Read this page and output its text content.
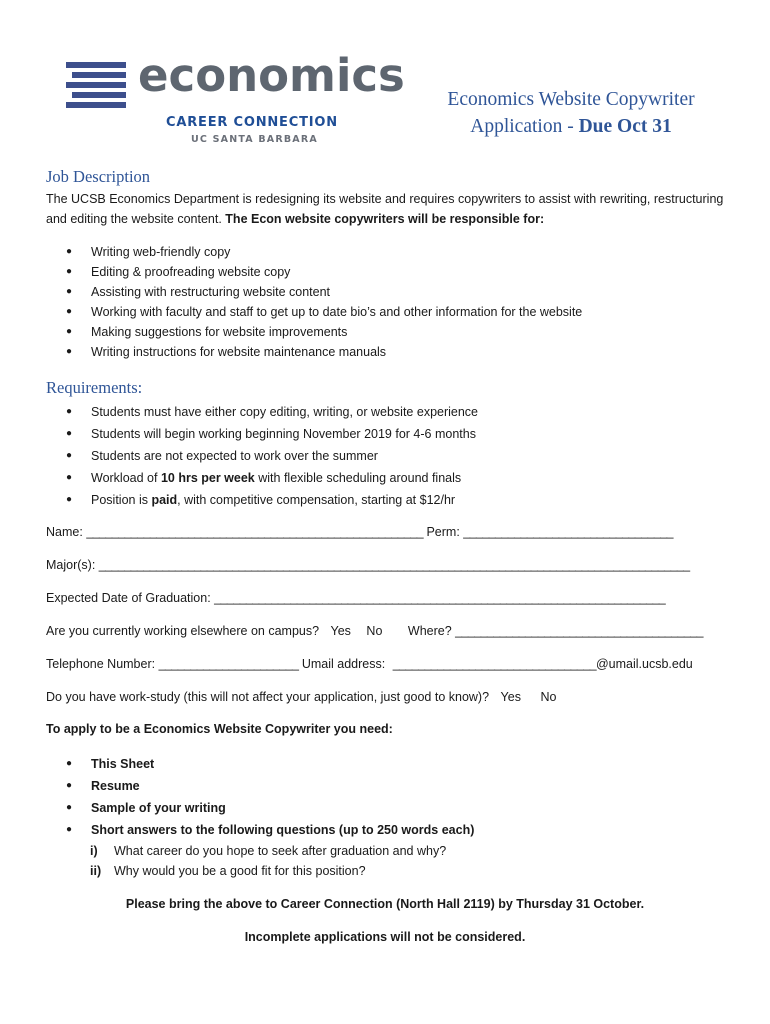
economics
CAREER CONNECTION
UC SANTA BARBARA
Economics Website Copywriter
Application - Due Oct 31
Job Description
The UCSB Economics Department is redesigning its website and requires copywriters to assist with rewriting, restructuring and editing the website content. The Econ website copywriters will be responsible for:
● Writing web-friendly copy
● Editing & proofreading website copy
● Assisting with restructuring website content
● Working with faculty and staff to get up to date bio’s and other information for the website
● Making suggestions for website improvements
● Writing instructions for website maintenance manuals
Requirements:
● Students must have either copy editing, writing, or website experience
● Students will begin working beginning November 2019 for 4-6 months
● Students are not expected to work over the summer
● Workload of 10 hrs per week with flexible scheduling around finals
● Position is paid, with competitive compensation, starting at $12/hr
Name: _____________________________________________________ Perm: _________________________________
Major(s): _____________________________________________________________________________________________
Expected Date of Graduation: _______________________________________________________________________
Are you currently working elsewhere on campus? Yes No Where? _______________________________________
Telephone Number: ______________________ Umail address: ________________________________@umail.ucsb.edu
Do you have work-study (this will not affect your application, just good to know)? Yes No
To apply to be a Economics Website Copywriter you need:
● This Sheet
● Resume
● Sample of your writing
● Short answers to the following questions (up to 250 words each)
i) What career do you hope to seek after graduation and why?
ii) Why would you be a good fit for this position?
Please bring the above to Career Connection (North Hall 2119) by Thursday 31 October.
Incomplete applications will not be considered.
